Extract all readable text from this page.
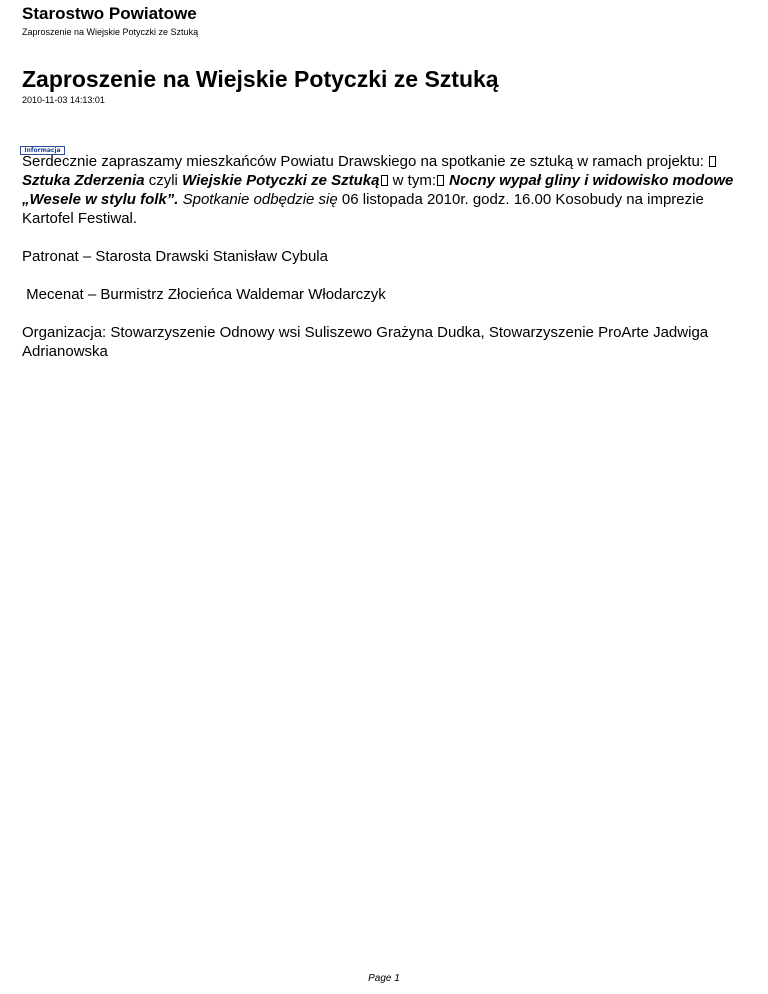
Starostwo Powiatowe
Zaproszenie na Wiejskie Potyczki ze Sztuką
Zaproszenie na Wiejskie Potyczki ze Sztuką
2010-11-03 14:13:01
Informacja

Serdecznie zapraszamy mieszkańców Powiatu Drawskiego na spotkanie ze sztuką w ramach projektu:  Sztuka Zderzenia czyli Wiejskie Potyczki ze Sztuką w tym: Nocny wypał gliny i widowisko modowe „Wesele w stylu folk”. Spotkanie odbędzie się 06 listopada 2010r. godz. 16.00 Kosobudy na imprezie Kartofel Festiwal.

Patronat – Starosta Drawski Stanisław Cybula

Mecenat – Burmistrz Złocieńca Waldemar Włodarczyk

Organizacja: Stowarzyszenie Odnowy wsi Suliszewo Grażyna Dudka, Stowarzyszenie ProArte Jadwiga Adrianowska

Page 1
